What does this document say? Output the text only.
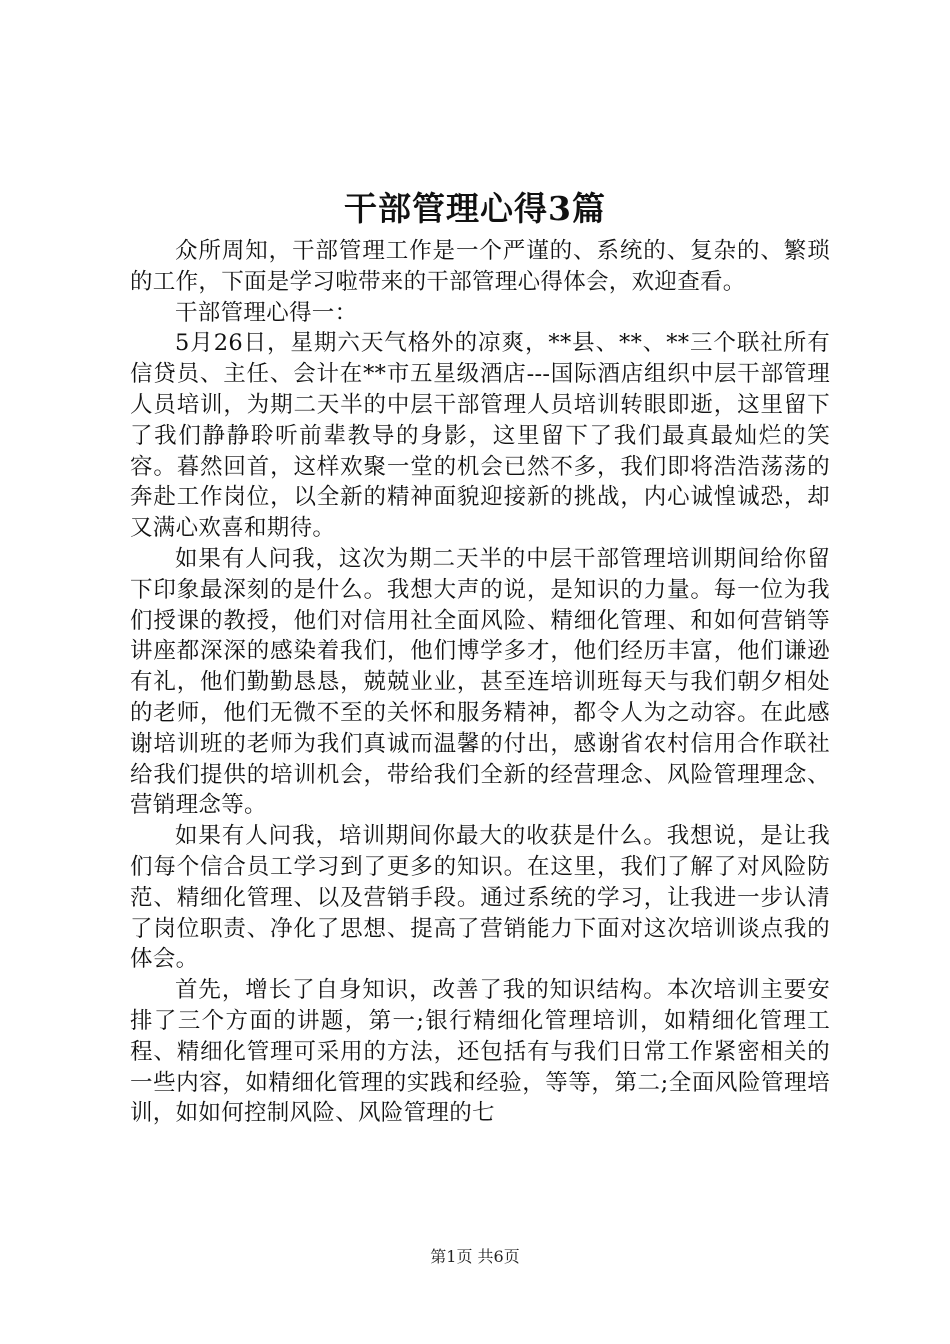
干部管理心得3篇

众所周知，干部管理工作是一个严谨的、系统的、复杂的、繁琐的工作，下面是学习啦带来的干部管理心得体会，欢迎查看。

干部管理心得一：

5月26日，星期六天气格外的凉爽，**县、**、**三个联社所有信贷员、主任、会计在**市五星级酒店---国际酒店组织中层干部管理人员培训，为期二天半的中层干部管理人员培训转眼即逝，这里留下了我们静静聆听前辈教导的身影，这里留下了我们最真最灿烂的笑容。暮然回首，这样欢聚一堂的机会已然不多，我们即将浩浩荡荡的奔赴工作岗位，以全新的精神面貌迎接新的挑战，内心诚惶诚恐，却又满心欢喜和期待。

如果有人问我，这次为期二天半的中层干部管理培训期间给你留下印象最深刻的是什么。我想大声的说，是知识的力量。每一位为我们授课的教授，他们对信用社全面风险、精细化管理、和如何营销等讲座都深深的感染着我们，他们博学多才，他们经历丰富，他们谦逊有礼，他们勤勤恳恳，兢兢业业，甚至连培训班每天与我们朝夕相处的老师，他们无微不至的关怀和服务精神，都令人为之动容。在此感谢培训班的老师为我们真诚而温馨的付出，感谢省农村信用合作联社给我们提供的培训机会，带给我们全新的经营理念、风险管理理念、营销理念等。

如果有人问我，培训期间你最大的收获是什么。我想说，是让我们每个信合员工学习到了更多的知识。在这里，我们了解了对风险防范、精细化管理、以及营销手段。通过系统的学习，让我进一步认清了岗位职责、净化了思想、提高了营销能力下面对这次培训谈点我的体会。

首先，增长了自身知识，改善了我的知识结构。本次培训主要安排了三个方面的讲题，第一;银行精细化管理培训，如精细化管理工程、精细化管理可采用的方法，还包括有与我们日常工作紧密相关的一些内容，如精细化管理的实践和经验，等等，第二;全面风险管理培训，如如何控制风险、风险管理的七

第1页 共6页
